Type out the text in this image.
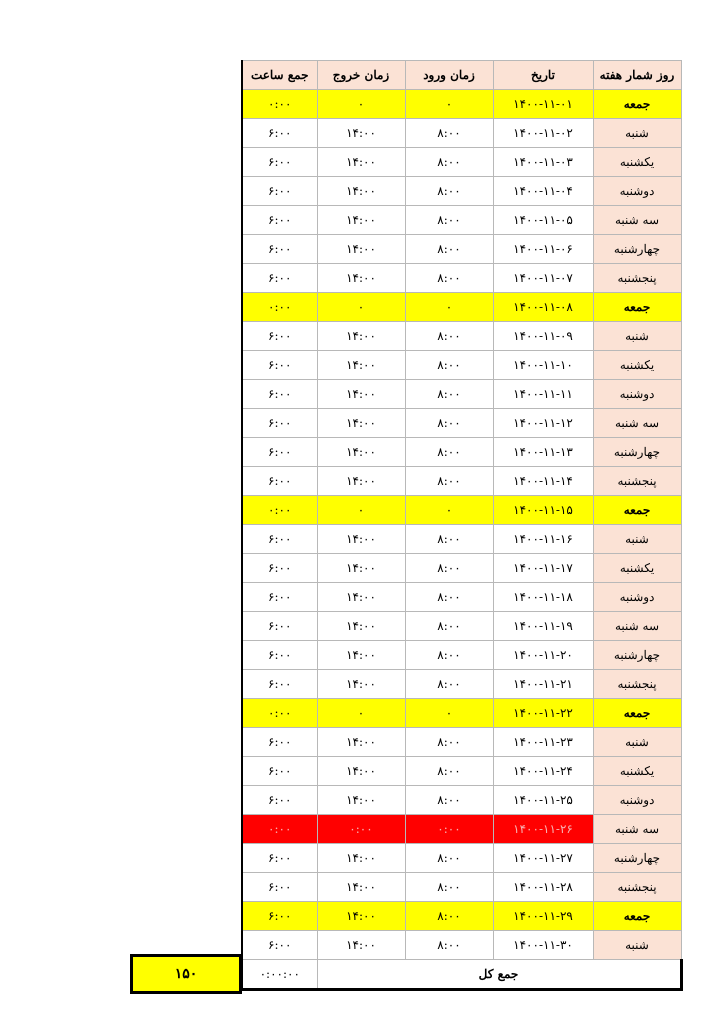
جمع ساعت	زمان خروج	زمان ورود	تاریخ	روز شمار هفته
۰:۰۰	۰	۰	۱۴۰۰-۱۱-۰۱	جمعه
۶:۰۰	۱۴:۰۰	۸:۰۰	۱۴۰۰-۱۱-۰۲	شنبه
۶:۰۰	۱۴:۰۰	۸:۰۰	۱۴۰۰-۱۱-۰۳	یکشنبه
۶:۰۰	۱۴:۰۰	۸:۰۰	۱۴۰۰-۱۱-۰۴	دوشنبه
۶:۰۰	۱۴:۰۰	۸:۰۰	۱۴۰۰-۱۱-۰۵	سه شنبه
۶:۰۰	۱۴:۰۰	۸:۰۰	۱۴۰۰-۱۱-۰۶	چهارشنبه
۶:۰۰	۱۴:۰۰	۸:۰۰	۱۴۰۰-۱۱-۰۷	پنجشنبه
۰:۰۰	۰	۰	۱۴۰۰-۱۱-۰۸	جمعه
۶:۰۰	۱۴:۰۰	۸:۰۰	۱۴۰۰-۱۱-۰۹	شنبه
۶:۰۰	۱۴:۰۰	۸:۰۰	۱۴۰۰-۱۱-۱۰	یکشنبه
۶:۰۰	۱۴:۰۰	۸:۰۰	۱۴۰۰-۱۱-۱۱	دوشنبه
۶:۰۰	۱۴:۰۰	۸:۰۰	۱۴۰۰-۱۱-۱۲	سه شنبه
۶:۰۰	۱۴:۰۰	۸:۰۰	۱۴۰۰-۱۱-۱۳	چهارشنبه
۶:۰۰	۱۴:۰۰	۸:۰۰	۱۴۰۰-۱۱-۱۴	پنجشنبه
۰:۰۰	۰	۰	۱۴۰۰-۱۱-۱۵	جمعه
۶:۰۰	۱۴:۰۰	۸:۰۰	۱۴۰۰-۱۱-۱۶	شنبه
۶:۰۰	۱۴:۰۰	۸:۰۰	۱۴۰۰-۱۱-۱۷	یکشنبه
۶:۰۰	۱۴:۰۰	۸:۰۰	۱۴۰۰-۱۱-۱۸	دوشنبه
۶:۰۰	۱۴:۰۰	۸:۰۰	۱۴۰۰-۱۱-۱۹	سه شنبه
۶:۰۰	۱۴:۰۰	۸:۰۰	۱۴۰۰-۱۱-۲۰	چهارشنبه
۶:۰۰	۱۴:۰۰	۸:۰۰	۱۴۰۰-۱۱-۲۱	پنجشنبه
۰:۰۰	۰	۰	۱۴۰۰-۱۱-۲۲	جمعه
۶:۰۰	۱۴:۰۰	۸:۰۰	۱۴۰۰-۱۱-۲۳	شنبه
۶:۰۰	۱۴:۰۰	۸:۰۰	۱۴۰۰-۱۱-۲۴	یکشنبه
۶:۰۰	۱۴:۰۰	۸:۰۰	۱۴۰۰-۱۱-۲۵	دوشنبه
۰:۰۰	۰:۰۰	۰:۰۰	۱۴۰۰-۱۱-۲۶	سه شنبه
۶:۰۰	۱۴:۰۰	۸:۰۰	۱۴۰۰-۱۱-۲۷	چهارشنبه
۶:۰۰	۱۴:۰۰	۸:۰۰	۱۴۰۰-۱۱-۲۸	پنجشنبه
۶:۰۰	۱۴:۰۰	۸:۰۰	۱۴۰۰-۱۱-۲۹	جمعه
۶:۰۰	۱۴:۰۰	۸:۰۰	۱۴۰۰-۱۱-۳۰	شنبه
۰:۰۰:۰۰	جمع کل			
۱۵۰
